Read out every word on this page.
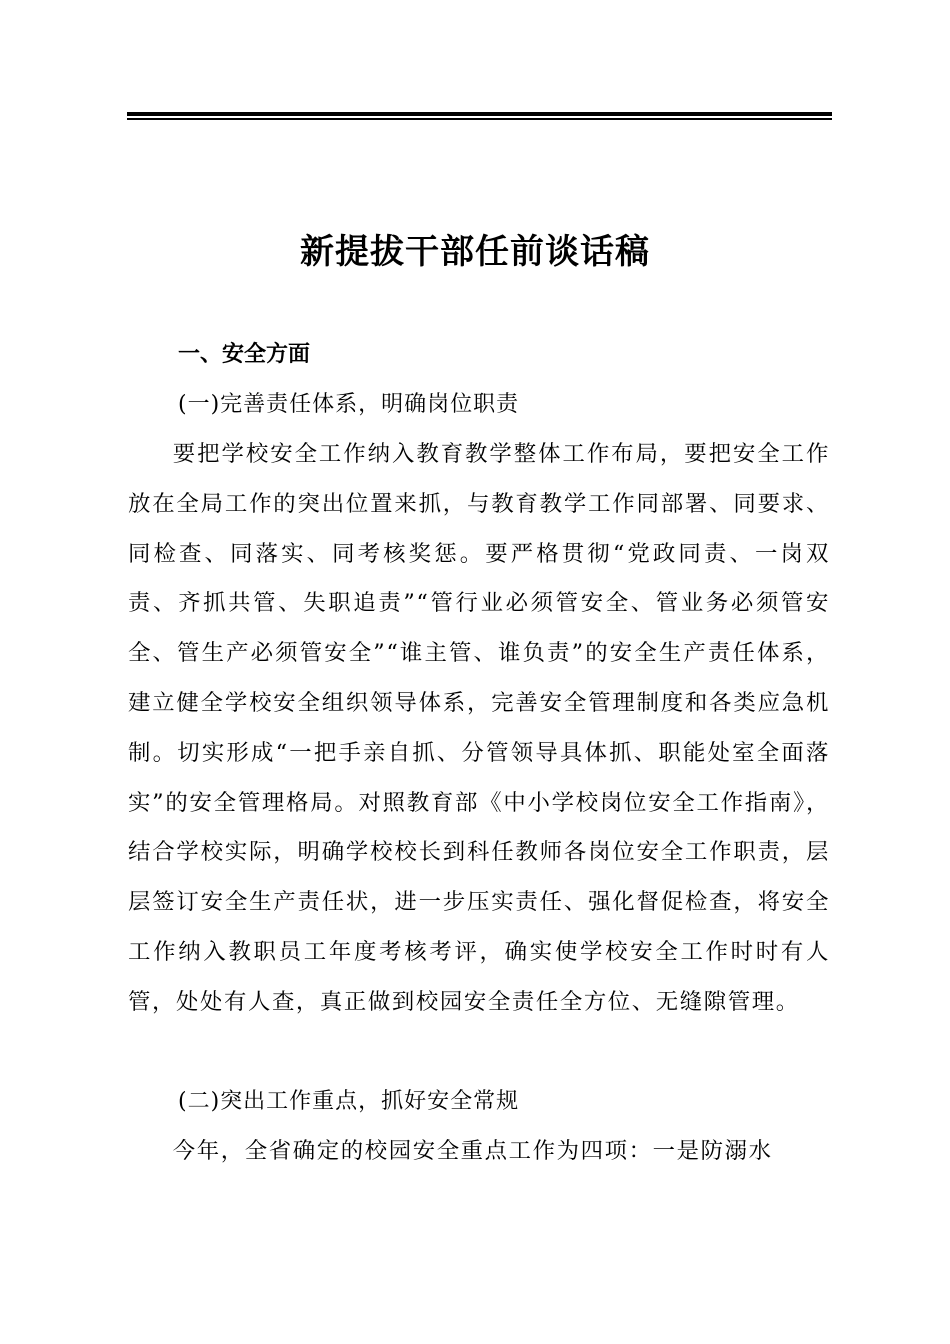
新提拔干部任前谈话稿
一、安全方面
(一)完善责任体系，明确岗位职责

要把学校安全工作纳入教育教学整体工作布局，要把安全工作放在全局工作的突出位置来抓，与教育教学工作同部署、同要求、同检查、同落实、同考核奖惩。要严格贯彻“党政同责、一岗双责、齐抓共管、失职追责”“管行业必须管安全、管业务必须管安全、管生产必须管安全”“谁主管、谁负责”的安全生产责任体系，建立健全学校安全组织领导体系，完善安全管理制度和各类应急机制。切实形成“一把手亲自抓、分管领导具体抓、职能处室全面落实”的安全管理格局。对照教育部《中小学校岗位安全工作指南》，结合学校实际，明确学校校长到科任教师各岗位安全工作职责，层层签订安全生产责任状，进一步压实责任、强化督促检查，将安全工作纳入教职员工年度考核考评，确实使学校安全工作时时有人管，处处有人查，真正做到校园安全责任全方位、无缝隙管理。

(二)突出工作重点，抓好安全常规

今年，全省确定的校园安全重点工作为四项：一是防溺水
